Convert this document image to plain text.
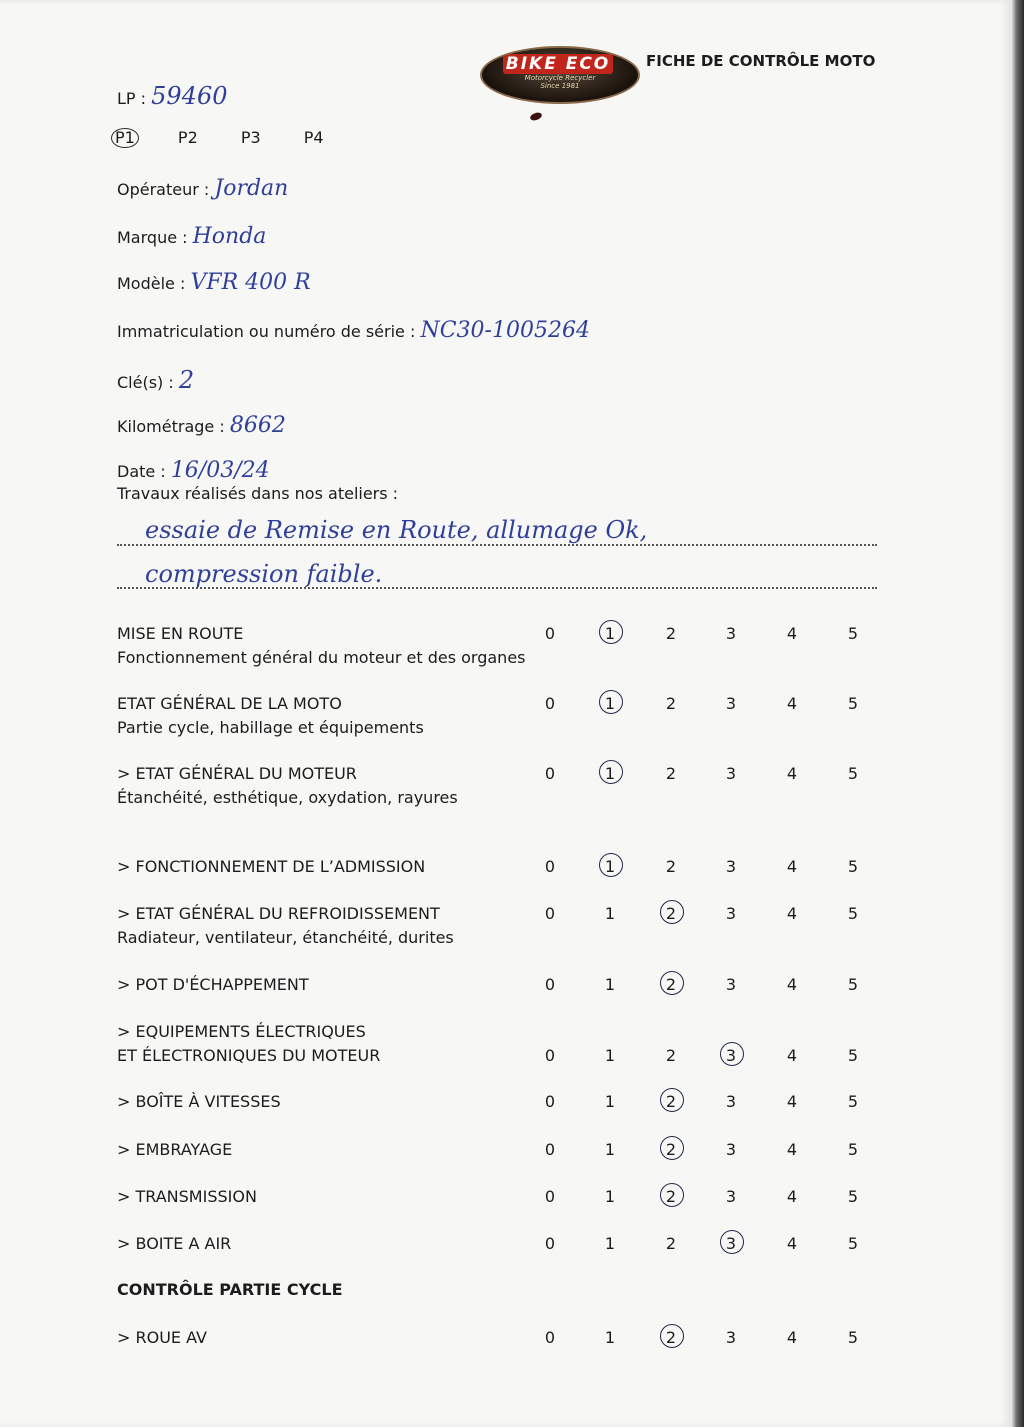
BIKE ECO
Motorcycle Recycler
Since 1981
FICHE DE CONTRÔLE MOTO
LP : 59460
P1	P2	P3	P4
Opérateur : Jordan
Marque : Honda
Modèle : VFR 400 R
Immatriculation ou numéro de série : NC30-1005264
Clé(s) : 2
Kilométrage : 8662
Date : 16/03/24
Travaux réalisés dans nos ateliers :
essaie de Remise en Route, allumage Ok,
compression faible.
MISE EN ROUTE
Fonctionnement général du moteur et des organes
0	1	2	3	4	5
ETAT GÉNÉRAL DE LA MOTO
Partie cycle, habillage et équipements
0	1	2	3	4	5
> ETAT GÉNÉRAL DU MOTEUR
Étanchéité, esthétique, oxydation, rayures
0	1	2	3	4	5
> FONCTIONNEMENT DE L’ADMISSION	0	1	2	3	4	5
> ETAT GÉNÉRAL DU REFROIDISSEMENT
Radiateur, ventilateur, étanchéité, durites
0	1	2	3	4	5
> POT D'ÉCHAPPEMENT	0	1	2	3	4	5
> EQUIPEMENTS ÉLECTRIQUES
ET ÉLECTRONIQUES DU MOTEUR	0	1	2	3	4	5
> BOÎTE À VITESSES	0	1	2	3	4	5
> EMBRAYAGE	0	1	2	3	4	5
> TRANSMISSION	0	1	2	3	4	5
> BOITE A AIR	0	1	2	3	4	5
CONTRÔLE PARTIE CYCLE
> ROUE AV	0	1	2	3	4	5
